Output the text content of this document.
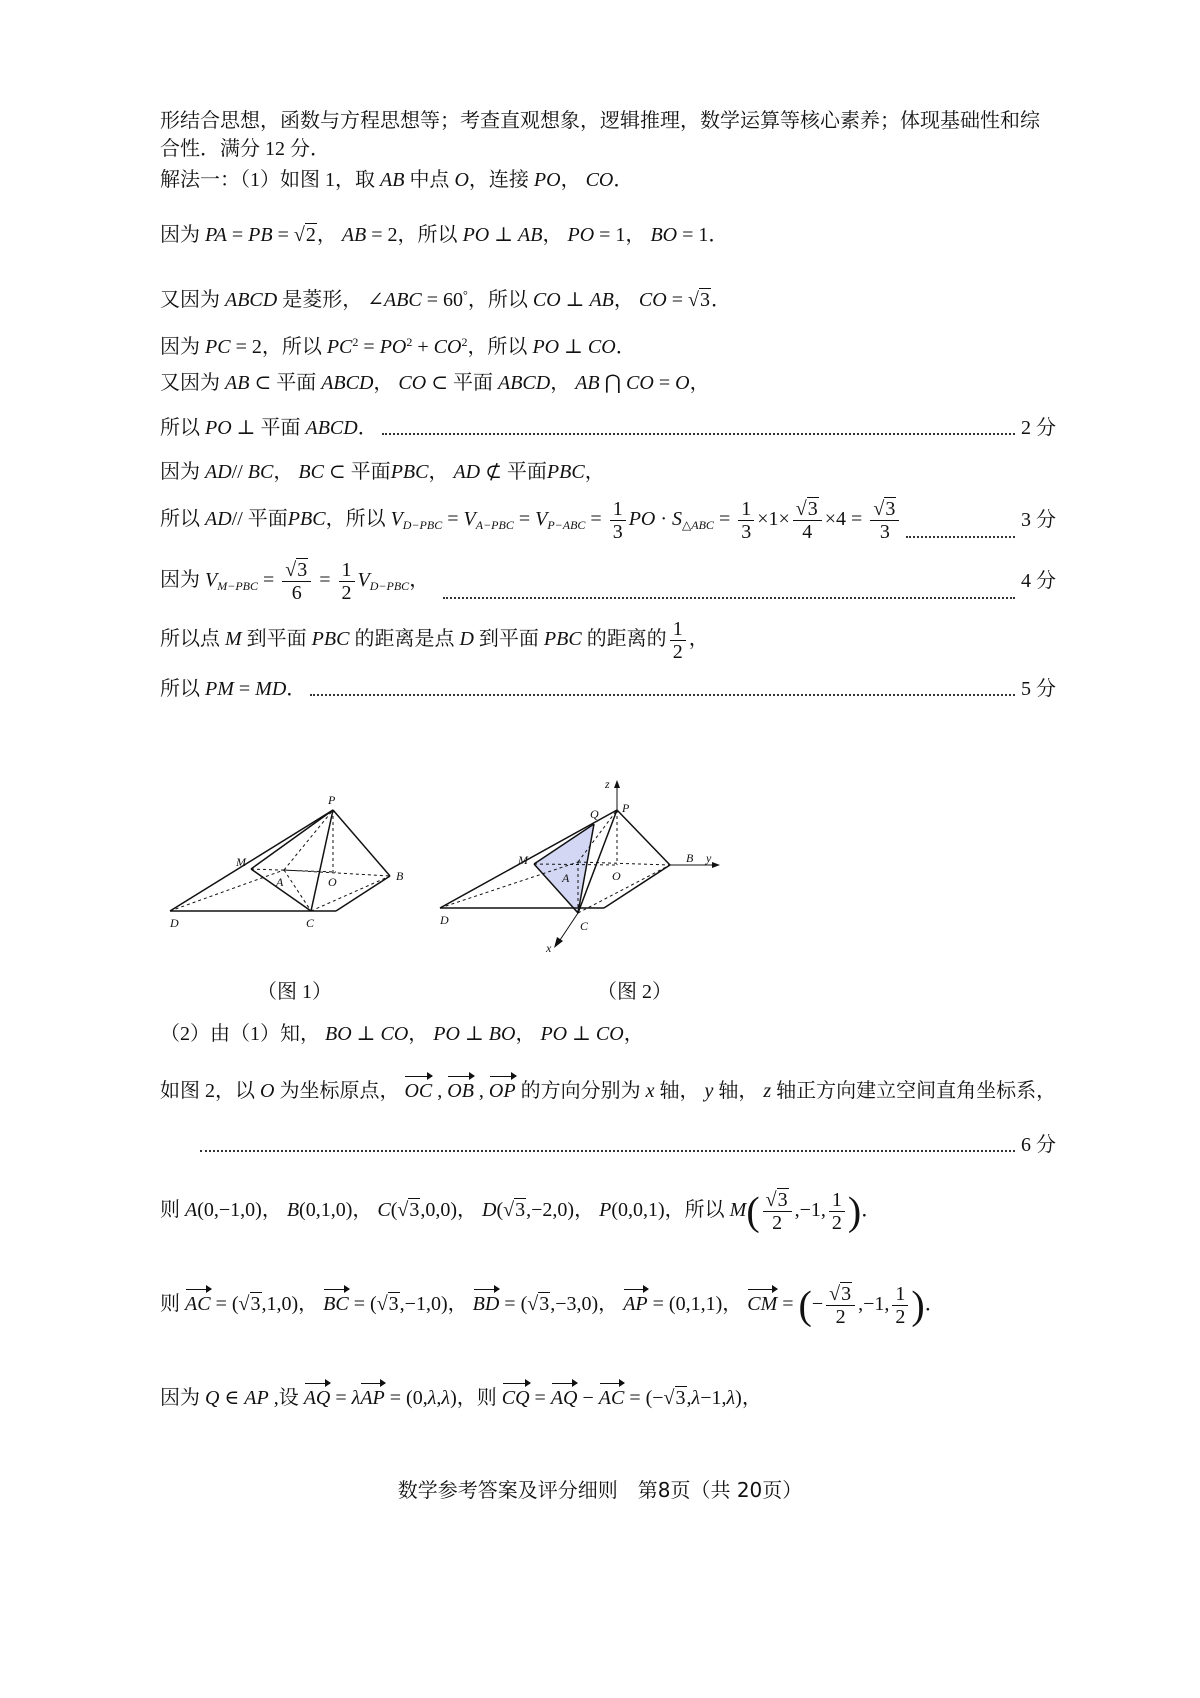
形结合思想，函数与方程思想等；考查直观想象，逻辑推理，数学运算等核心素养；体现基础性和综合性．满分 12 分．
解法一：（1）如图 1，取 AB 中点 O，连接 PO， CO．
因为 PA = PB = √2， AB = 2，所以 PO ⊥ AB， PO = 1， BO = 1．
又因为 ABCD 是菱形， ∠ABC = 60°，所以 CO ⊥ AB， CO = √3．
因为 PC = 2，所以 $PC^2 = PO^2 + CO^2$，所以 PO ⊥ CO．
又因为 AB ⊂ 平面 ABCD， CO ⊂ 平面 ABCD， AB ⋂ CO = O，
所以 PO ⊥ 平面 ABCD．	2 分
因为 AD// BC， BC ⊂ 平面PBC， AD ⊄ 平面PBC，
所以 AD// 平面PBC，所以 $V_{D-PBC} = V_{A-PBC} = V_{P-ABC} = \frac{1}{3}$ PO · $S_{\triangle ABC} = \frac{1}{3} \times 1\times \frac{√3}{4} \times 4 = \frac{√3}{3}$	3 分
因为 $V_{M-PBC} = \frac{√3}{6} = \frac{1}{2} V_{D-PBC}$，	4 分
所以点 M 到平面 PBC 的距离是点 D 到平面 PBC 的距离的 $\frac{1}{2}$ ，
所以 PM = MD．	5 分
P
M
A	O	B
D	C
（图 1）
z
Q P
M
A	O
B y
D	C
x
（图 2）
（2）由（1）知， BO ⊥ CO， PO ⊥ BO， PO ⊥ CO，
如图 2，以 O 为坐标原点， OC , OB , OP 的方向分别为 x 轴， y 轴， z 轴正方向建立空间直角坐标系，
6 分
则 A(0,−1,0)， B(0,1,0)， C(√3,0,0)， D(√3,−2,0)， P(0,0,1)，所以 $M( \frac{√3}{2} ,-1$, $\frac{1}{2}$ )．
则 AC = (√3,1,0)， BC = (√3,−1,0)， BD = (√3,−3,0)， AP = (0,1,1)， CM = (− $\frac{√3}{2} ,-1$, $\frac{1}{2}$ )．
因为 Q ∈ AP ,设 AQ = λAP = (0,λ,λ)，则 CQ = AQ − AC = (−√3,λ−1,λ)，
数学参考答案及评分细则　第8页（共 20页）
